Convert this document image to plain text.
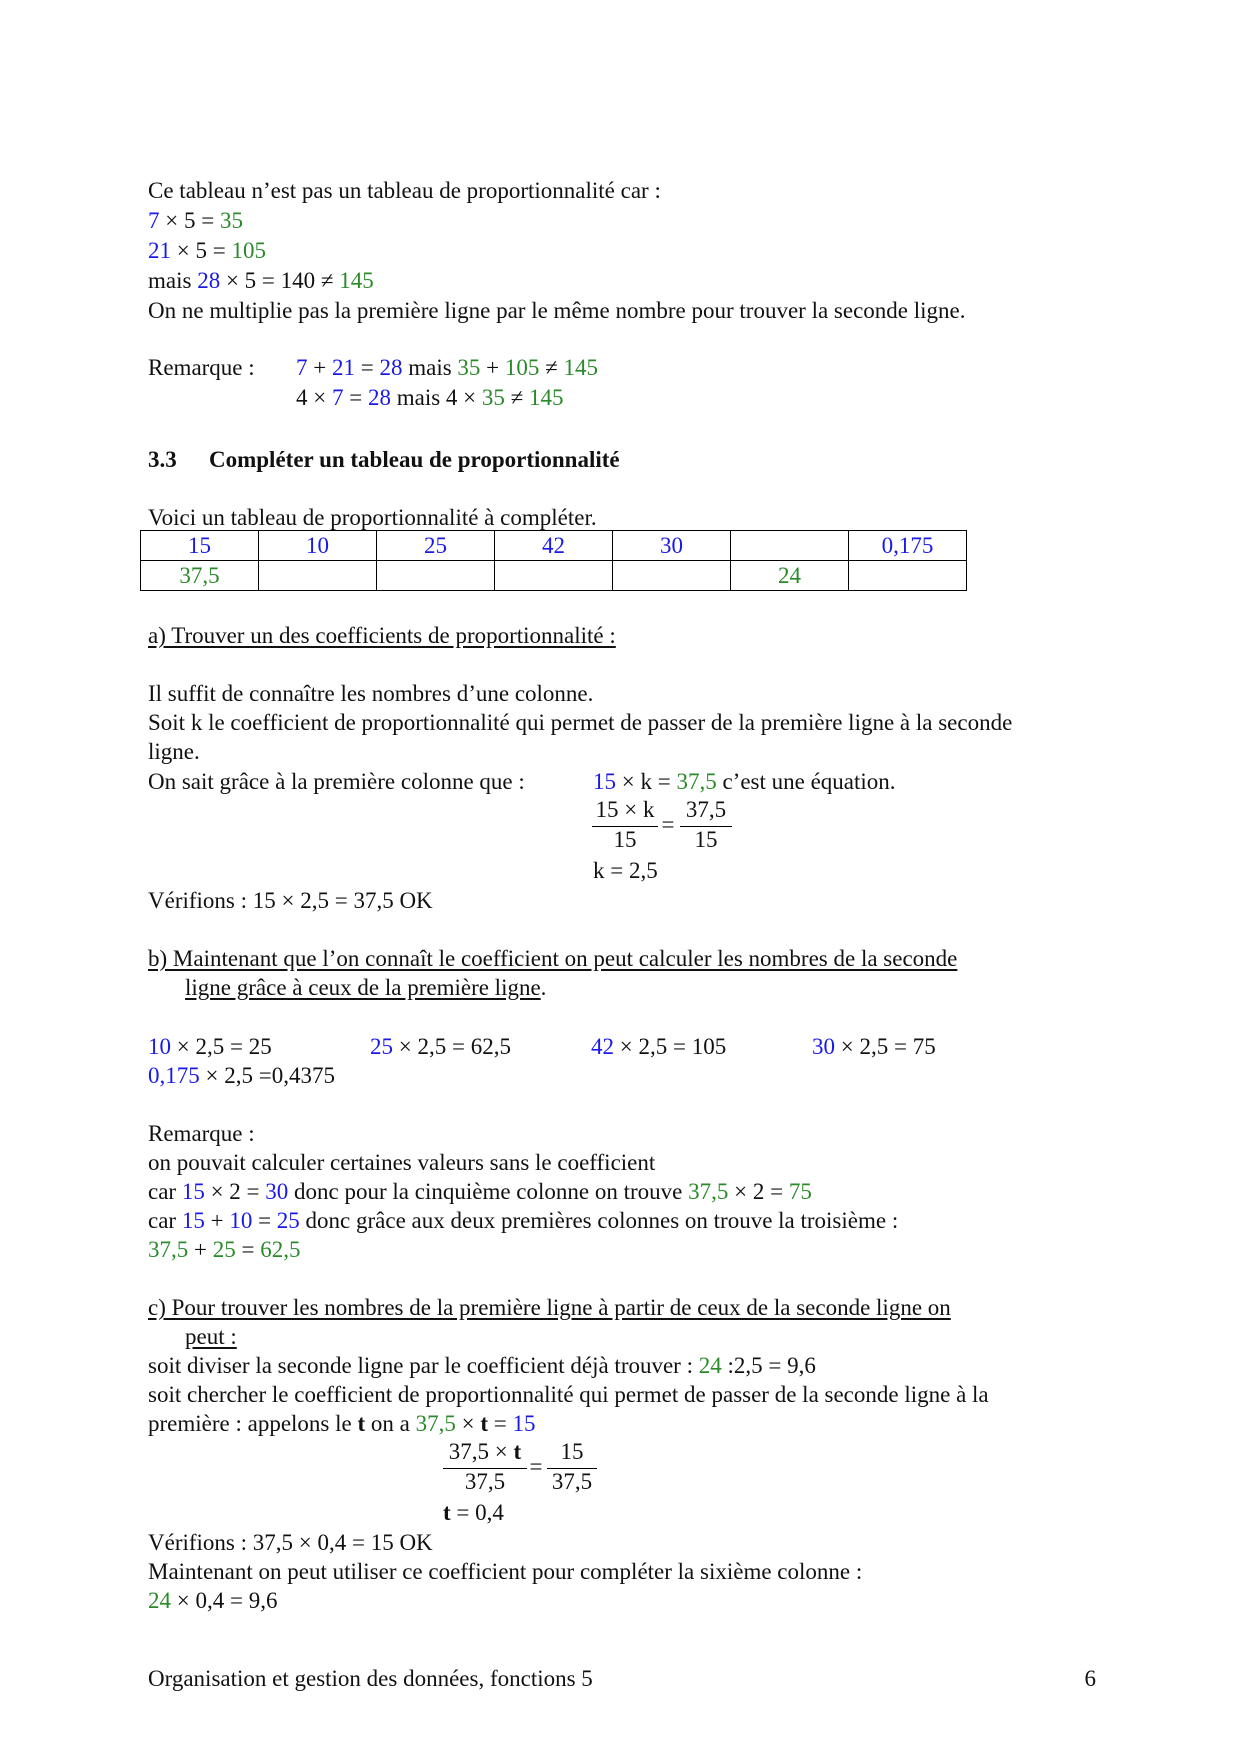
Ce tableau n’est pas un tableau de proportionnalité car :
7 × 5 = 35
21 × 5 = 105
mais 28 × 5 = 140 ≠ 145
On ne multiplie pas la première ligne par le même nombre pour trouver la seconde ligne.
Remarque : 7 + 21 = 28 mais 35 + 105 ≠ 145
4 × 7 = 28 mais 4 × 35 ≠ 145
3.3 Compléter un tableau de proportionnalité
Voici un tableau de proportionnalité à compléter.
15	10	25	42	30		0,175
37,5					24	
a) Trouver un des coefficients de proportionnalité :
Il suffit de connaître les nombres d’une colonne.
Soit k le coefficient de proportionnalité qui permet de passer de la première ligne à la seconde
ligne.
On sait grâce à la première colonne que :	15 × k = 37,5 c’est une équation.
15 × k
15
=
37,5
15
k = 2,5
Vérifions : 15 × 2,5 = 37,5 OK
b) Maintenant que l’on connaît le coefficient on peut calculer les nombres de la seconde
ligne grâce à ceux de la première ligne.
10 × 2,5 = 25	25 × 2,5 = 62,5	42 × 2,5 = 105	30 × 2,5 = 75
0,175 × 2,5 =0,4375
Remarque :
on pouvait calculer certaines valeurs sans le coefficient
car 15 × 2 = 30 donc pour la cinquième colonne on trouve 37,5 × 2 = 75
car 15 + 10 = 25 donc grâce aux deux premières colonnes on trouve la troisième :
37,5 + 25 = 62,5
c) Pour trouver les nombres de la première ligne à partir de ceux de la seconde ligne on
peut :
soit diviser la seconde ligne par le coefficient déjà trouver : 24 :2,5 = 9,6
soit chercher le coefficient de proportionnalité qui permet de passer de la seconde ligne à la
première : appelons le t on a 37,5 × t = 15
37,5 × t
37,5
=
15
37,5
t = 0,4
Vérifions : 37,5 × 0,4 = 15 OK
Maintenant on peut utiliser ce coefficient pour compléter la sixième colonne :
24 × 0,4 = 9,6
Organisation et gestion des données, fonctions 5	6
